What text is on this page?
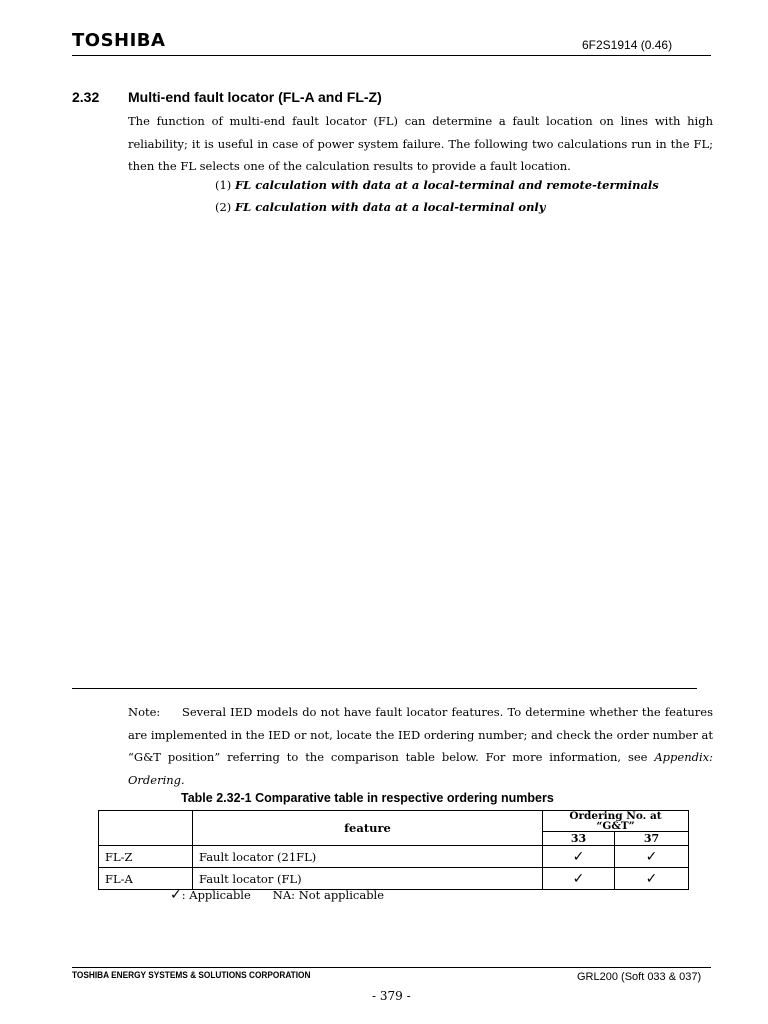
TOSHIBA	6F2S1914 (0.46)
2.32 Multi-end fault locator (FL-A and FL-Z)
The function of multi-end fault locator (FL) can determine a fault location on lines with high reliability; it is useful in case of power system failure. The following two calculations run in the FL; then the FL selects one of the calculation results to provide a fault location.
(1) FL calculation with data at a local-terminal and remote-terminals
(2) FL calculation with data at a local-terminal only
Note: Several IED models do not have fault locator features. To determine whether the features are implemented in the IED or not, locate the IED ordering number; and check the order number at “G&T position” referring to the comparison table below. For more information, see Appendix: Ordering.
Table 2.32-1 Comparative table in respective ordering numbers
	feature	Ordering No. at “G&T”	
		33	37
FL-Z	Fault locator (21FL)	✓	✓
FL-A	Fault locator (FL)	✓	✓
✓: Applicable NA: Not applicable
TOSHIBA ENERGY SYSTEMS & SOLUTIONS CORPORATION	GRL200 (Soft 033 & 037)
- 379 -
